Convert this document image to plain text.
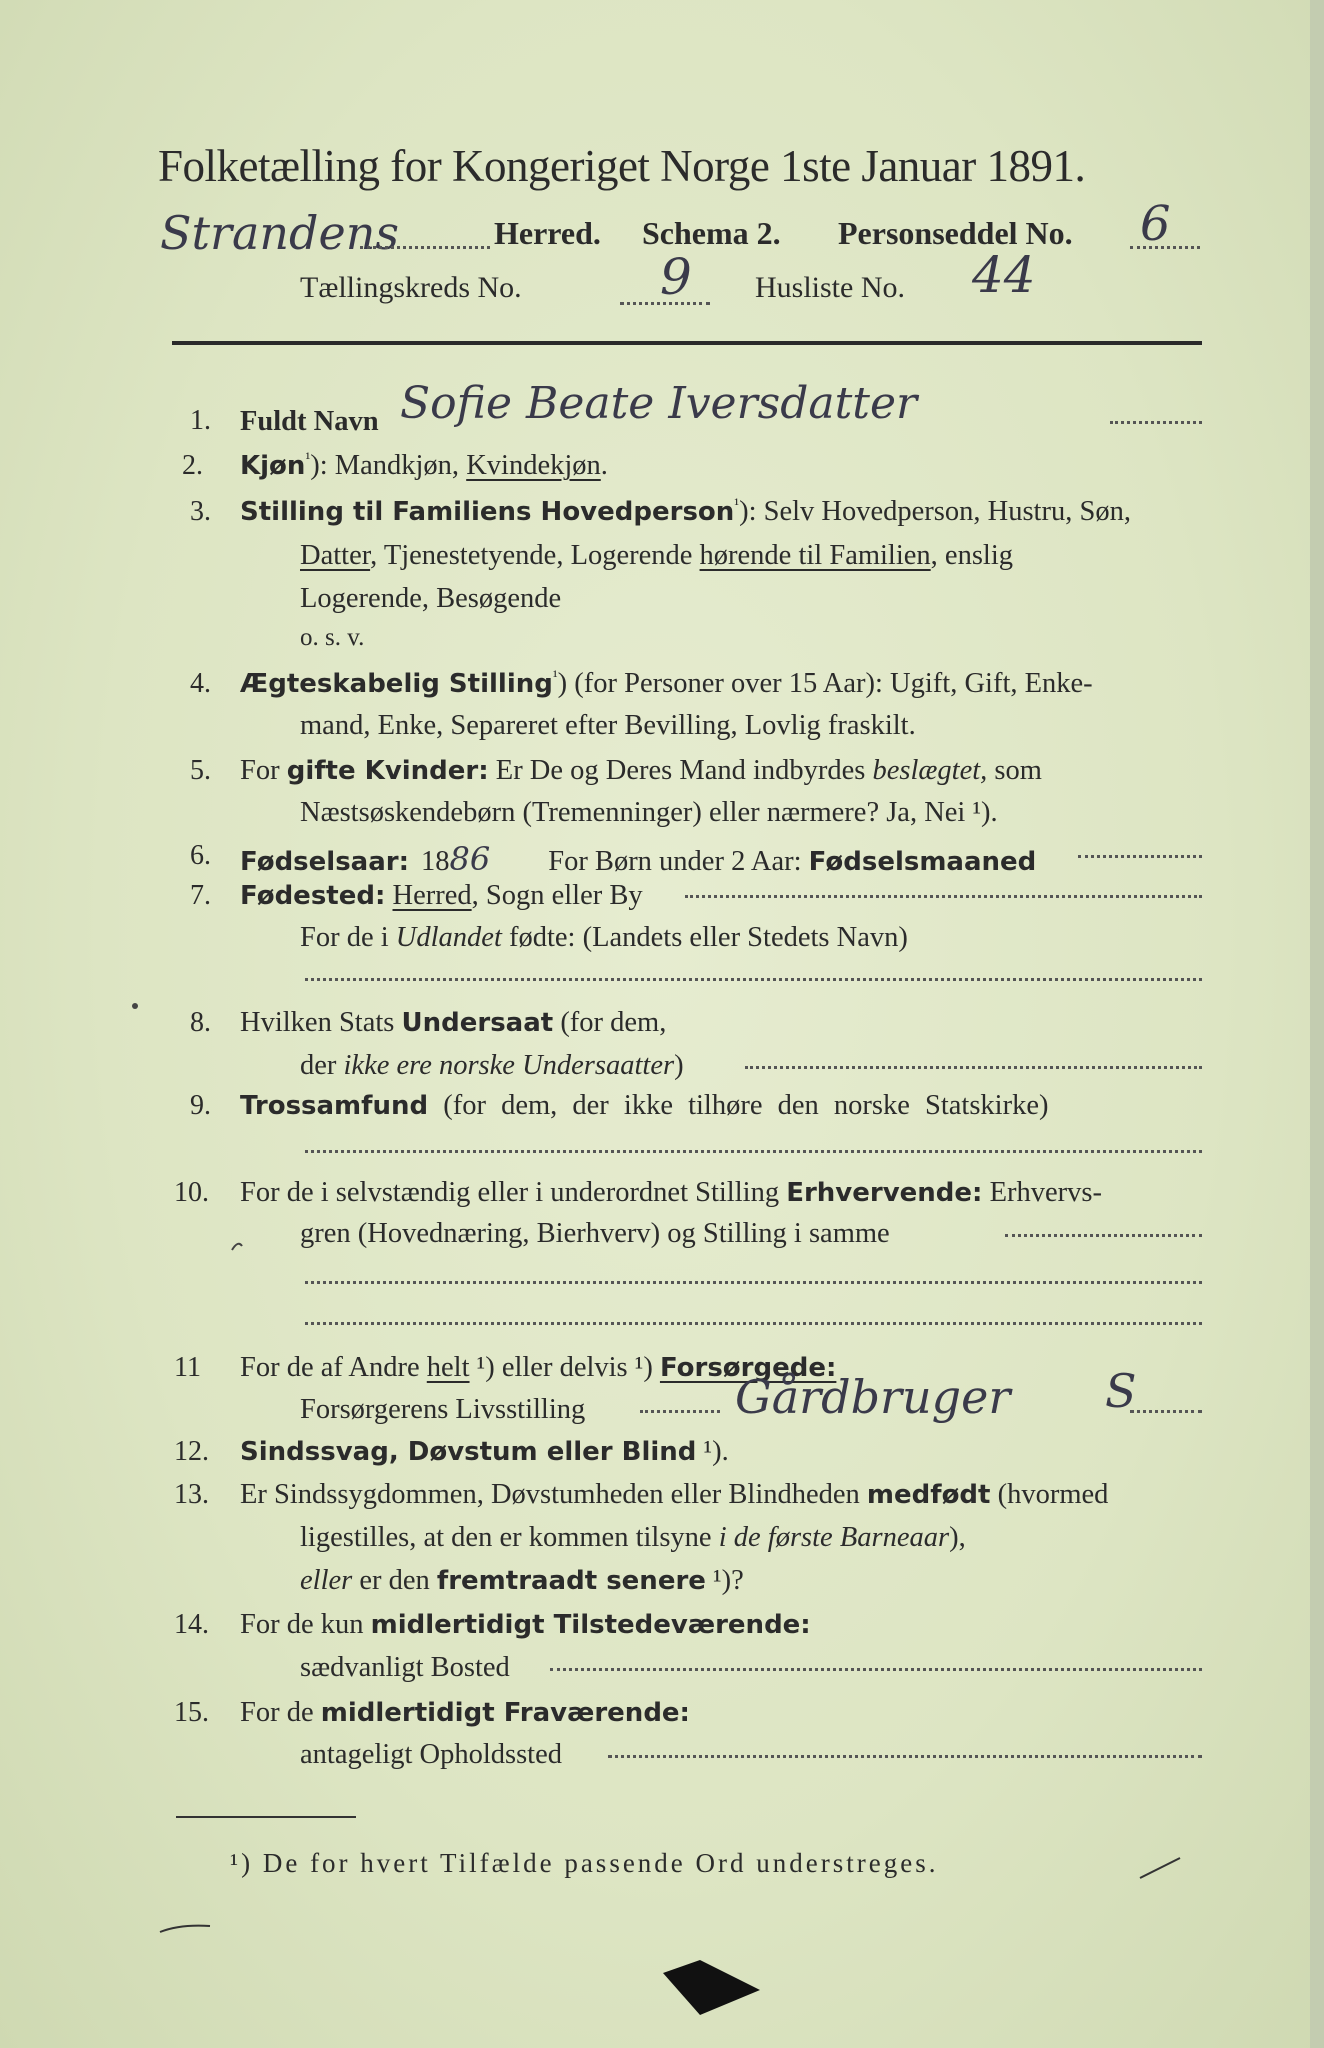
Folketælling for Kongeriget Norge 1ste Januar 1891.
Strandens	Herred. Schema 2. Personseddel No. 6
Tællingskreds No.	9 Husliste No. 44
1. Fuldt Navn Sofie Beate Iversdatter
2. Kjøn$^{^1}$): Mandkjøn, Kvindekjøn.
3. Stilling til Familiens Hovedperson$^{^1}$): Selv Hovedperson, Hustru, Søn,
Datter, Tjenestetyende, Logerende hørende til Familien, enslig
Logerende, Besøgende
o. s. v.
4. Ægteskabelig Stilling$^{^1}$) (for Personer over 15 Aar): Ugift, Gift, Enke-
mand, Enke, Separeret efter Bevilling, Lovlig fraskilt.
5. For gifte Kvinder: Er De og Deres Mand indbyrdes beslægtet, som
Næstsøskendebørn (Tremenninger) eller nærmere? Ja, Nei ¹).
6. Fødselsaar: 1886 For Børn under 2 Aar: Fødselsmaaned
7. Fødested: Herred, Sogn eller By
For de i Udlandet fødte: (Landets eller Stedets Navn)
8. Hvilken Stats Undersaat (for dem,
der ikke ere norske Undersaatter)
9. Trossamfund (for dem, der ikke tilhøre den norske Statskirke)
10. For de i selvstændig eller i underordnet Stilling Erhvervende: Erhvervs-
gren (Hovednæring, Bierhverv) og Stilling i samme
11 For de af Andre helt ¹) eller delvis ¹) Forsørgede:
Forsørgerens Livsstilling	Gårdbruger S
12. Sindssvag, Døvstum eller Blind ¹).
13. Er Sindssygdommen, Døvstumheden eller Blindheden medfødt (hvormed
ligestilles, at den er kommen tilsyne i de første Barneaar),
eller er den fremtraadt senere ¹)?
14. For de kun midlertidigt Tilstedeværende:
sædvanligt Bosted
15. For de midlertidigt Fraværende:
antageligt Opholdssted
¹) De for hvert Tilfælde passende Ord understreges.
